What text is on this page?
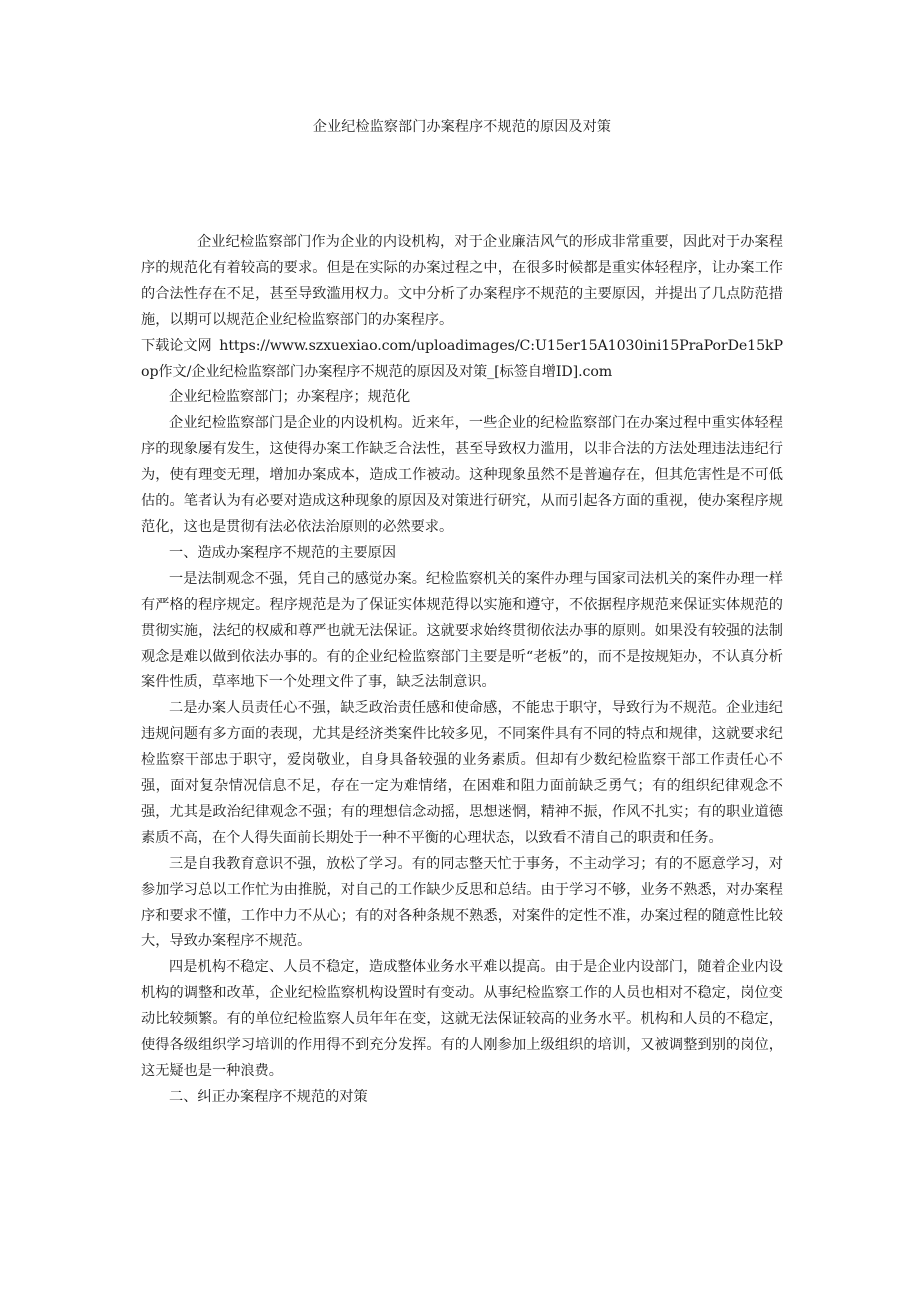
企业纪检监察部门办案程序不规范的原因及对策

企业纪检监察部门作为企业的内设机构，对于企业廉洁风气的形成非常重要，因此对于办案程序的规范化有着较高的要求。但是在实际的办案过程之中，在很多时候都是重实体轻程序，让办案工作的合法性存在不足，甚至导致滥用权力。文中分析了办案程序不规范的主要原因，并提出了几点防范措施，以期可以规范企业纪检监察部门的办案程序。

下载论文网 https://www.szxuexiao.com/uploadimages/C:U15er15A1030ini15PraPorDe15kPop作文/企业纪检监察部门办案程序不规范的原因及对策_[标签自增ID].com

企业纪检监察部门；办案程序；规范化

企业纪检监察部门是企业的内设机构。近来年，一些企业的纪检监察部门在办案过程中重实体轻程序的现象屡有发生，这使得办案工作缺乏合法性，甚至导致权力滥用，以非合法的方法处理违法违纪行为，使有理变无理，增加办案成本，造成工作被动。这种现象虽然不是普遍存在，但其危害性是不可低估的。笔者认为有必要对造成这种现象的原因及对策进行研究，从而引起各方面的重视，使办案程序规范化，这也是贯彻有法必依法治原则的必然要求。

一、造成办案程序不规范的主要原因

一是法制观念不强，凭自己的感觉办案。纪检监察机关的案件办理与国家司法机关的案件办理一样有严格的程序规定。程序规范是为了保证实体规范得以实施和遵守，不依据程序规范来保证实体规范的贯彻实施，法纪的权威和尊严也就无法保证。这就要求始终贯彻依法办事的原则。如果没有较强的法制观念是难以做到依法办事的。有的企业纪检监察部门主要是听“老板”的，而不是按规矩办，不认真分析案件性质，草率地下一个处理文件了事，缺乏法制意识。

二是办案人员责任心不强，缺乏政治责任感和使命感，不能忠于职守，导致行为不规范。企业违纪违规问题有多方面的表现，尤其是经济类案件比较多见，不同案件具有不同的特点和规律，这就要求纪检监察干部忠于职守，爱岗敬业，自身具备较强的业务素质。但却有少数纪检监察干部工作责任心不强，面对复杂情况信息不足，存在一定为难情绪，在困难和阻力面前缺乏勇气；有的组织纪律观念不强，尤其是政治纪律观念不强；有的理想信念动摇，思想迷惘，精神不振，作风不扎实；有的职业道德素质不高，在个人得失面前长期处于一种不平衡的心理状态，以致看不清自己的职责和任务。

三是自我教育意识不强，放松了学习。有的同志整天忙于事务，不主动学习；有的不愿意学习，对参加学习总以工作忙为由推脱，对自己的工作缺少反思和总结。由于学习不够，业务不熟悉，对办案程序和要求不懂，工作中力不从心；有的对各种条规不熟悉，对案件的定性不准，办案过程的随意性比较大，导致办案程序不规范。

四是机构不稳定、人员不稳定，造成整体业务水平难以提高。由于是企业内设部门，随着企业内设机构的调整和改革，企业纪检监察机构设置时有变动。从事纪检监察工作的人员也相对不稳定，岗位变动比较频繁。有的单位纪检监察人员年年在变，这就无法保证较高的业务水平。机构和人员的不稳定，使得各级组织学习培训的作用得不到充分发挥。有的人刚参加上级组织的培训，又被调整到别的岗位，这无疑也是一种浪费。

二、纠正办案程序不规范的对策
